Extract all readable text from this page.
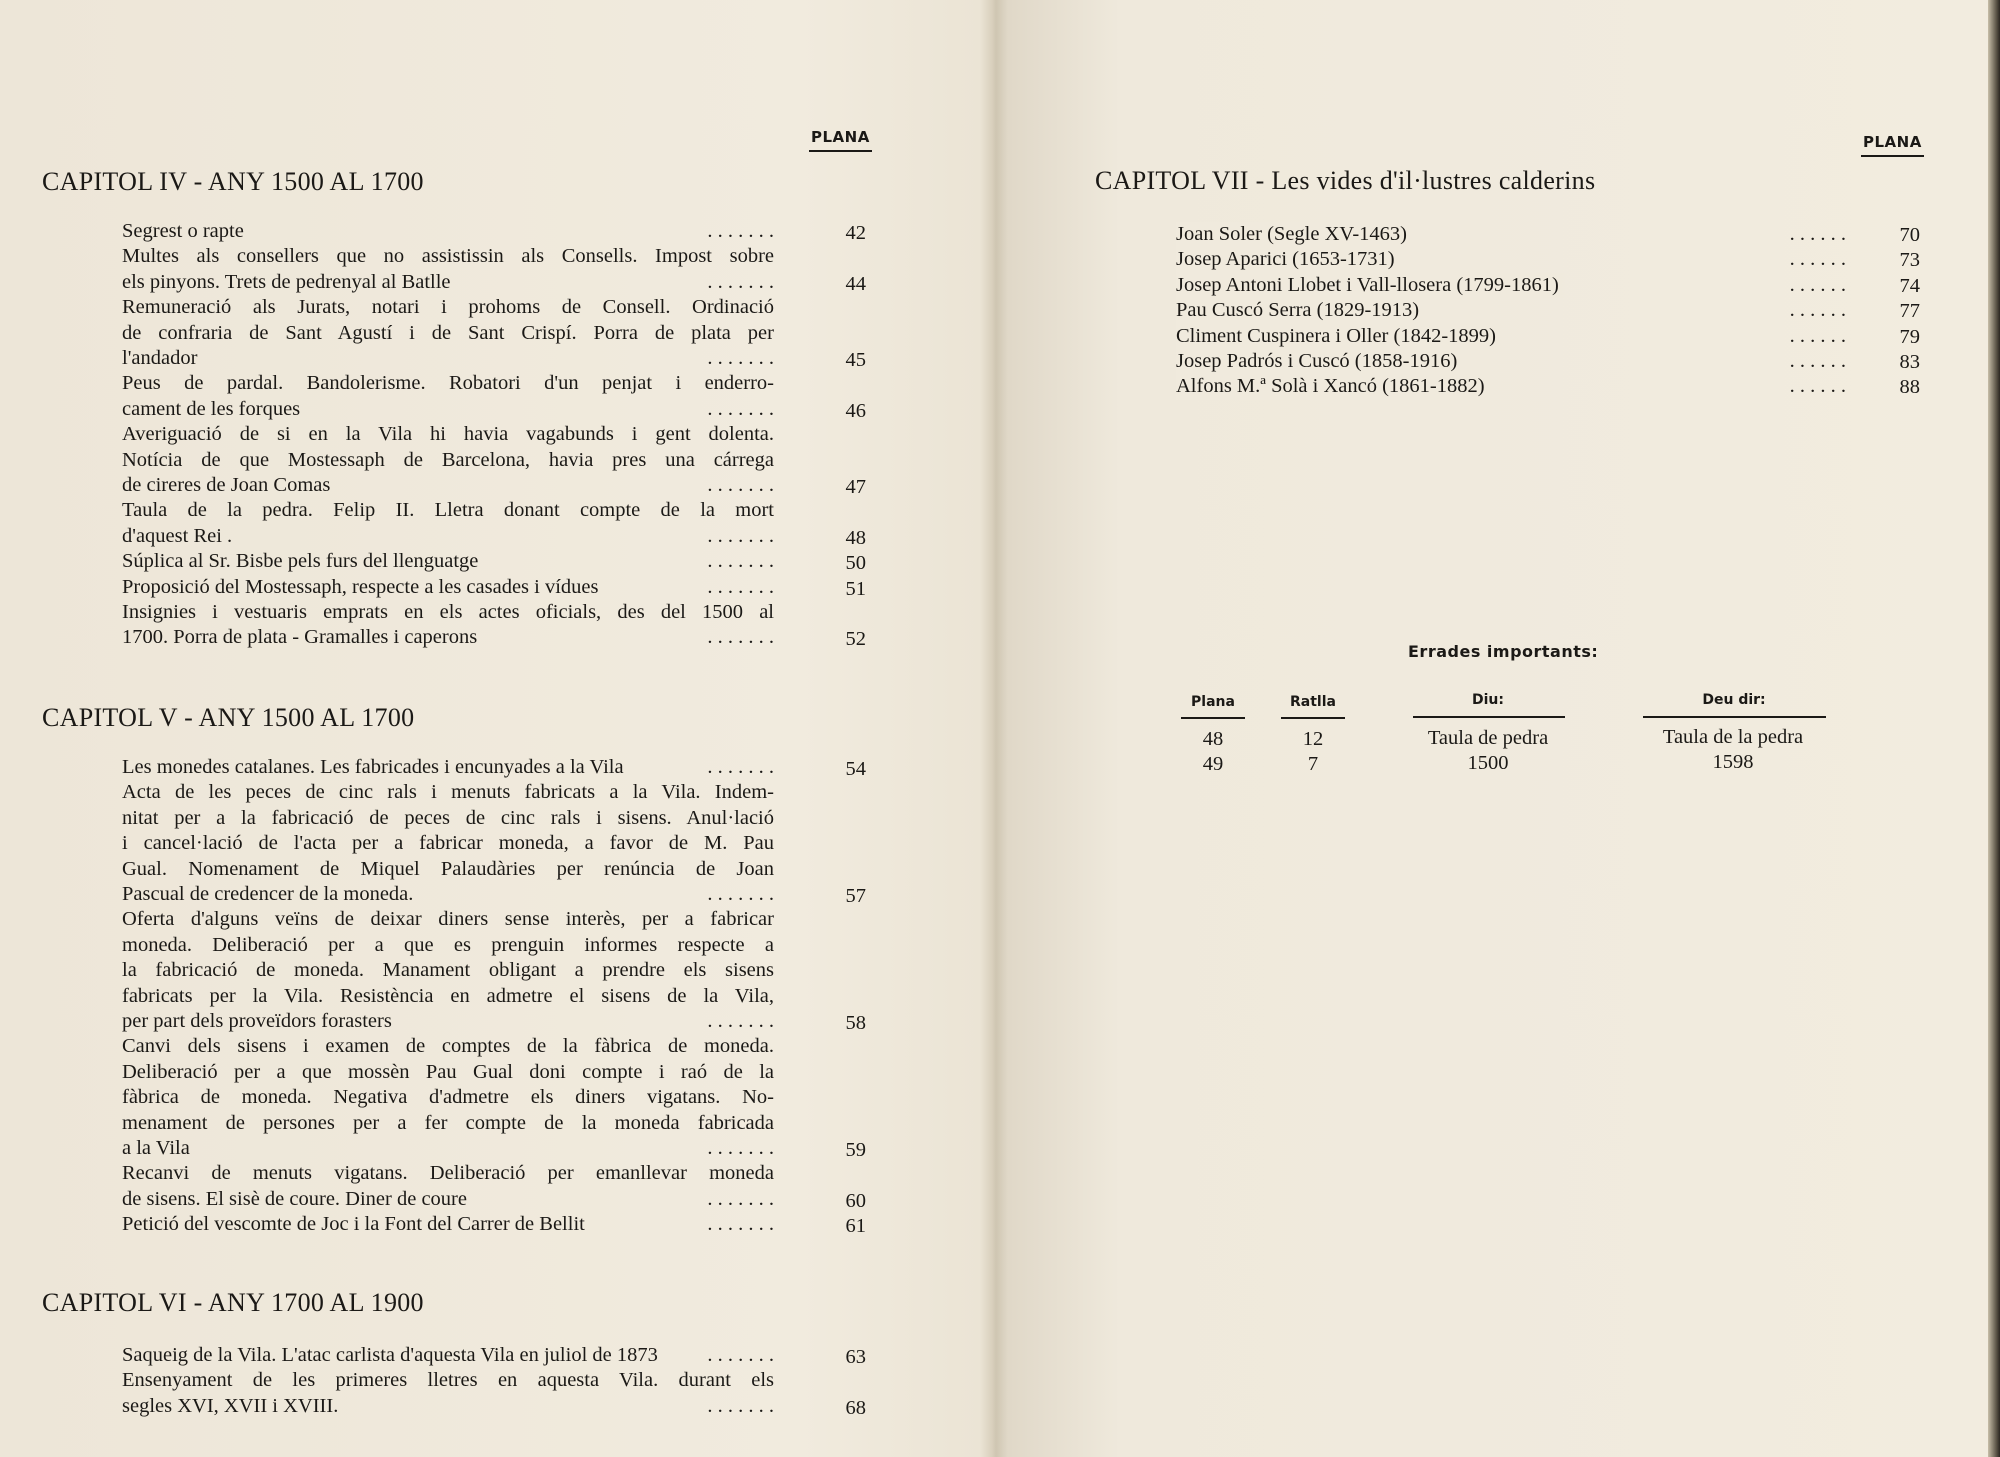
PLANA
CAPITOL IV - ANY 1500 AL 1700
Segrest o rapte	. . . . . . .	42
Multes als consellers que no assistissin als Consells. Impost sobre
els pinyons. Trets de pedrenyal al Batlle	. . . . . . .	44
Remuneració als Jurats, notari i prohoms de Consell. Ordinació
de confraria de Sant Agustí i de Sant Crispí. Porra de plata per
l'andador	. . . . . . .	45
Peus de pardal. Bandolerisme. Robatori d'un penjat i enderro-
cament de les forques	. . . . . . .	46
Averiguació de si en la Vila hi havia vagabunds i gent dolenta.
Notícia de que Mostessaph de Barcelona, havia pres una cárrega
de cireres de Joan Comas	. . . . . . .	47
Taula de la pedra. Felip II. Lletra donant compte de la mort
d'aquest Rei .	. . . . . . .	48
Súplica al Sr. Bisbe pels furs del llenguatge	. . . . . . .	50
Proposició del Mostessaph, respecte a les casades i vídues	. . . . . . .	51
Insignies i vestuaris emprats en els actes oficials, des del 1500 al
1700. Porra de plata - Gramalles i caperons	. . . . . . .	52
CAPITOL V - ANY 1500 AL 1700
Les monedes catalanes. Les fabricades i encunyades a la Vila	. . . . . . .	54
Acta de les peces de cinc rals i menuts fabricats a la Vila. Indem-
nitat per a la fabricació de peces de cinc rals i sisens. Anul·lació
i cancel·lació de l'acta per a fabricar moneda, a favor de M. Pau
Gual. Nomenament de Miquel Palaudàries per renúncia de Joan
Pascual de credencer de la moneda.	. . . . . . .	57
Oferta d'alguns veïns de deixar diners sense interès, per a fabricar
moneda. Deliberació per a que es prenguin informes respecte a
la fabricació de moneda. Manament obligant a prendre els sisens
fabricats per la Vila. Resistència en admetre el sisens de la Vila,
per part dels proveïdors forasters	. . . . . . .	58
Canvi dels sisens i examen de comptes de la fàbrica de moneda.
Deliberació per a que mossèn Pau Gual doni compte i raó de la
fàbrica de moneda. Negativa d'admetre els diners vigatans. No-
menament de persones per a fer compte de la moneda fabricada
a la Vila	. . . . . . .	59
Recanvi de menuts vigatans. Deliberació per emanllevar moneda
de sisens. El sisè de coure. Diner de coure	. . . . . . .	60
Petició del vescomte de Joc i la Font del Carrer de Bellit	. . . . . . .	61
CAPITOL VI - ANY 1700 AL 1900
Saqueig de la Vila. L'atac carlista d'aquesta Vila en juliol de 1873	. . . . . . .	63
Ensenyament de les primeres lletres en aquesta Vila. durant els
segles XVI, XVII i XVIII.	. . . . . . .	68
PLANA
CAPITOL VII - Les vides d'il·lustres calderins
. . . . . .
Joan Soler (Segle XV-1463)	70
. . . . . .
Josep Aparici (1653-1731)	73
. . . . . .
Josep Antoni Llobet i Vall-llosera (1799-1861)	74
. . . . . .
Pau Cuscó Serra (1829-1913)	77
. . . . . .
Climent Cuspinera i Oller (1842-1899)	79
. . . . . .
Josep Padrós i Cuscó (1858-1916)	83
. . . . . .
Alfons M.ª Solà i Xancó (1861-1882)	88
Errades importants:
Plana	Ratlla	Diu:	Deu dir:
48	12	Taula de pedra	Taula de la pedra
49	7	1500	1598
